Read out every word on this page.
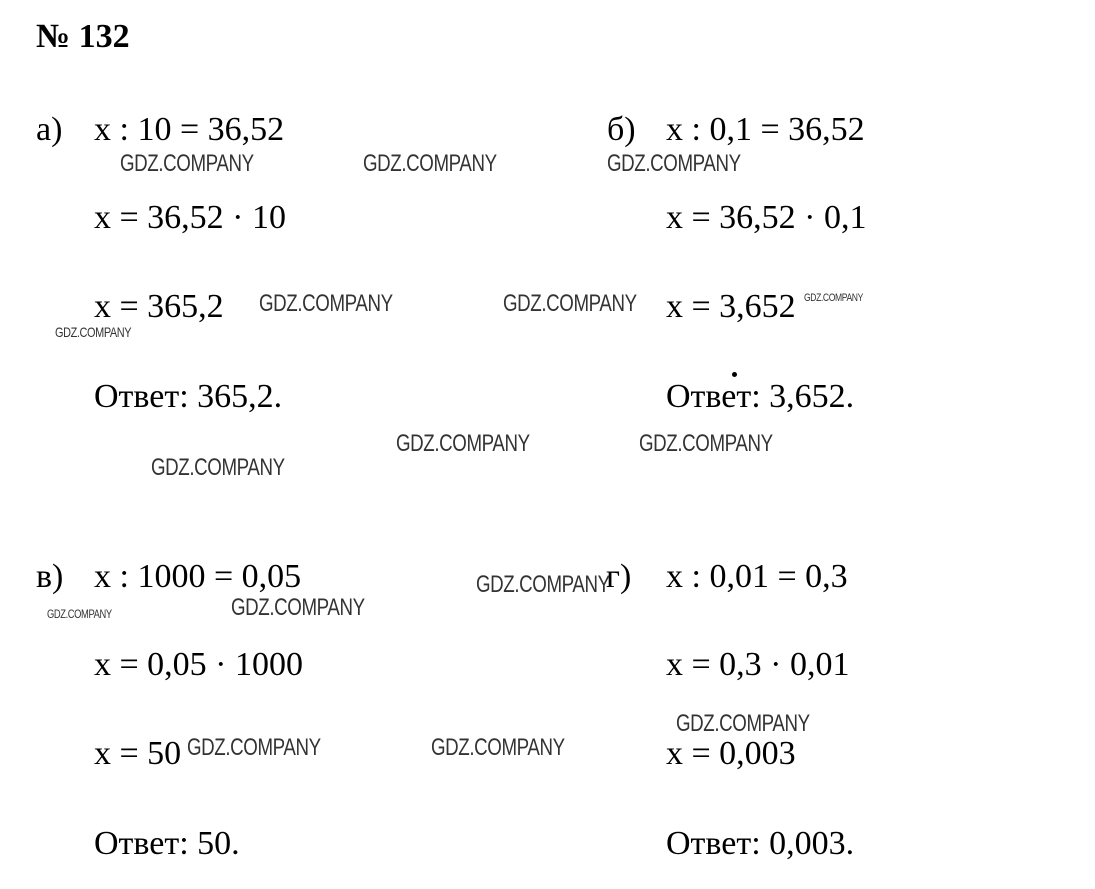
№ 132
а) x : 10 = 36,52
x = 36,52 · 10
x = 365,2
Ответ: 365,2.
б) x : 0,1 = 36,52
x = 36,52 · 0,1
x = 3,652
Ответ: 3,652.
в) x : 1000 = 0,05
x = 0,05 · 1000
x = 50
Ответ: 50.
г) x : 0,01 = 0,3
x = 0,3 · 0,01
x = 0,003
Ответ: 0,003.
GDZ.COMPANY	GDZ.COMPANY	GDZ.COMPANY
GDZ.COMPANY	GDZ.COMPANY
GDZ.COMPANY
GDZ.COMPANY
GDZ.COMPANY	GDZ.COMPANY
GDZ.COMPANY
GDZ.COMPANY
GDZ.COMPANY
GDZ.COMPANY
GDZ.COMPANY
GDZ.COMPANY	GDZ.COMPANY
